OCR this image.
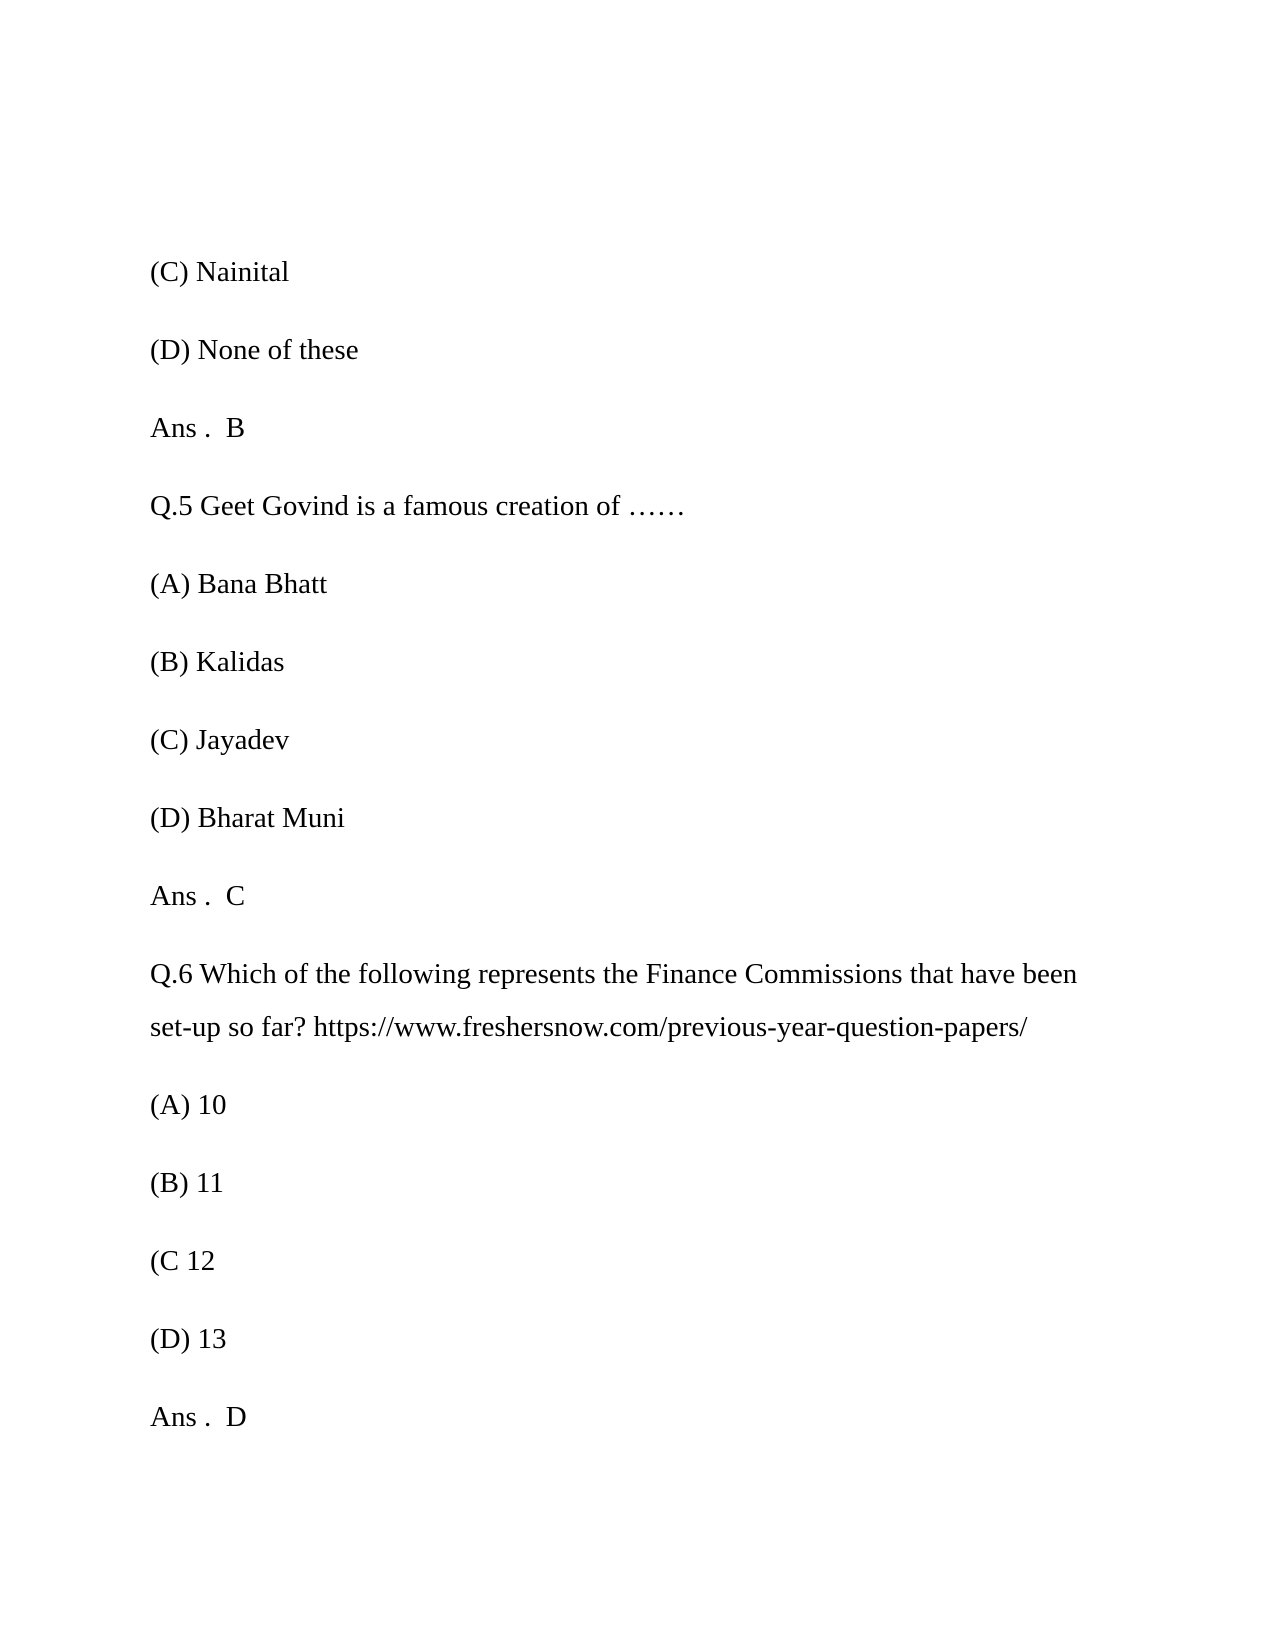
(C) Nainital

(D) None of these

Ans . B

Q.5 Geet Govind is a famous creation of ……

(A) Bana Bhatt

(B) Kalidas

(C) Jayadev

(D) Bharat Muni

Ans . C

Q.6 Which of the following represents the Finance Commissions that have been set-up so far? https://www.freshersnow.com/previous-year-question-papers/

(A) 10

(B) 11

(C 12

(D) 13

Ans . D
